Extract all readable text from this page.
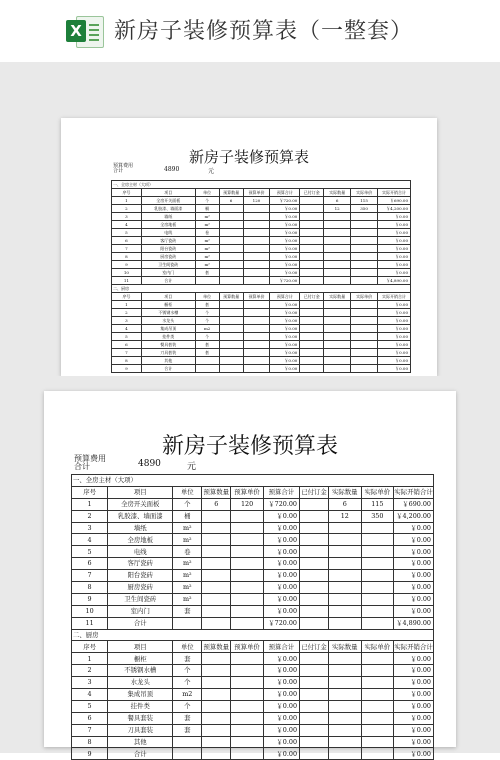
X 新房子装修预算表（一整套）
新房子装修预算表
预算费用
合计	4890	元
一、全房主材（大项）									
序号	项目	单位	预算数量	预算单价	预算合计	已付订金	实际数量	实际单价	实际开销合计
1	全房开关面板	个	6	120	￥720.00		6	115	￥690.00
2	乳胶漆、墙面漆	桶			￥0.00		12	350	￥4,200.00
3	墙纸	m²			￥0.00				￥0.00
4	全房地板	m²			￥0.00				￥0.00
5	电线	卷			￥0.00				￥0.00
6	客厅瓷砖	m²			￥0.00				￥0.00
7	阳台瓷砖	m²			￥0.00				￥0.00
8	厨房瓷砖	m²			￥0.00				￥0.00
9	卫生间瓷砖	m²			￥0.00				￥0.00
10	室内门	套			￥0.00				￥0.00
11	合计				￥720.00				￥4,890.00
二、厨房									
序号	项目	单位	预算数量	预算单价	预算合计	已付订金	实际数量	实际单价	实际开销合计
1	橱柜	套			￥0.00				￥0.00
2	不锈钢水槽	个			￥0.00				￥0.00
3	水龙头	个			￥0.00				￥0.00
4	集成吊顶	m2			￥0.00				￥0.00
5	挂件类	个			￥0.00				￥0.00
6	餐具套装	套			￥0.00				￥0.00
7	刀具套装	套			￥0.00				￥0.00
8	其他				￥0.00				￥0.00
9	合计				￥0.00				￥0.00
新房子装修预算表
预算费用
合计	4890	元
一、全房主材（大项）									
序号	项目	单位	预算数量	预算单价	预算合计	已付订金	实际数量	实际单价	实际开销合计
1	全房开关面板	个	6	120	￥720.00		6	115	￥690.00
2	乳胶漆、墙面漆	桶			￥0.00		12	350	￥4,200.00
3	墙纸	m²			￥0.00				￥0.00
4	全房地板	m²			￥0.00				￥0.00
5	电线	卷			￥0.00				￥0.00
6	客厅瓷砖	m²			￥0.00				￥0.00
7	阳台瓷砖	m²			￥0.00				￥0.00
8	厨房瓷砖	m²			￥0.00				￥0.00
9	卫生间瓷砖	m²			￥0.00				￥0.00
10	室内门	套			￥0.00				￥0.00
11	合计				￥720.00				￥4,890.00
二、厨房									
序号	项目	单位	预算数量	预算单价	预算合计	已付订金	实际数量	实际单价	实际开销合计
1	橱柜	套			￥0.00				￥0.00
2	不锈钢水槽	个			￥0.00				￥0.00
3	水龙头	个			￥0.00				￥0.00
4	集成吊顶	m2			￥0.00				￥0.00
5	挂件类	个			￥0.00				￥0.00
6	餐具套装	套			￥0.00				￥0.00
7	刀具套装	套			￥0.00				￥0.00
8	其他				￥0.00				￥0.00
9	合计				￥0.00				￥0.00
